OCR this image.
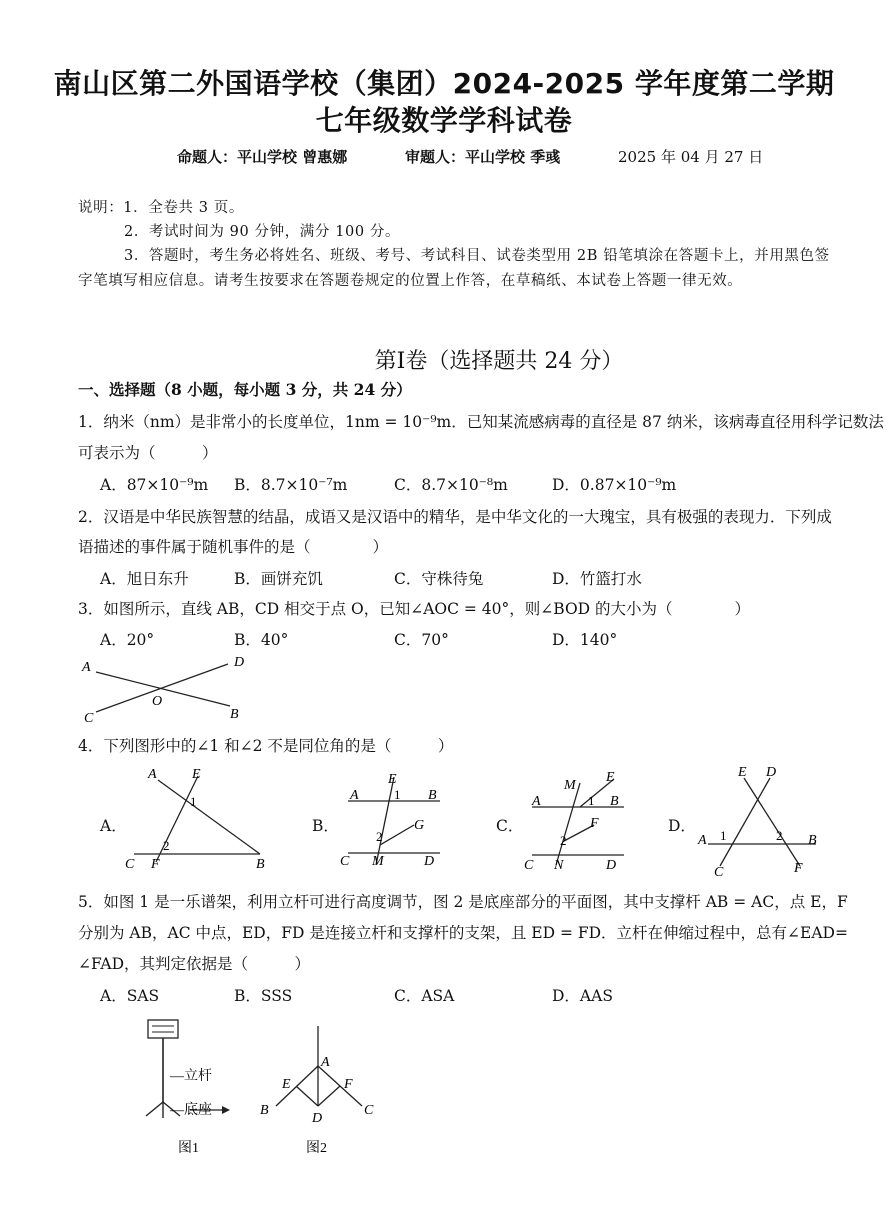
南山区第二外国语学校（集团）2024-2025 学年度第二学期
七年级数学学科试卷
命题人：平山学校 曾惠娜	审题人：平山学校 季彧	2025 年 04 月 27 日
说明：1．全卷共 3 页。
2．考试时间为 90 分钟，满分 100 分。
3．答题时，考生务必将姓名、班级、考号、考试科目、试卷类型用 2B 铅笔填涂在答题卡上，并用黑色签
字笔填写相应信息。请考生按要求在答题卷规定的位置上作答，在草稿纸、本试卷上答题一律无效。
第Ⅰ卷（选择题共 24 分）
一、选择题（8 小题，每小题 3 分，共 24 分）
1．纳米（nm）是非常小的长度单位，1nm = 10⁻⁹m．已知某流感病毒的直径是 87 纳米，该病毒直径用科学记数法
可表示为（　　　）
A．87×10⁻⁹m B．8.7×10⁻⁷m	C．8.7×10⁻⁸m	D．0.87×10⁻⁹m
2．汉语是中华民族智慧的结晶，成语又是汉语中的精华，是中华文化的一大瑰宝，具有极强的表现力．下列成
语描述的事件属于随机事件的是（　　　　）
A．旭日东升	B．画饼充饥	C．守株待兔	D．竹篮打水
3．如图所示，直线 AB，CD 相交于点 O，已知∠AOC = 40°，则∠BOD 的大小为（　　　　）
A．20°	B．40°	C．70°	D．140°
A	D
O
C	B
4．下列图形中的∠1 和∠2 不是同位角的是（　　　）
A．
A	E
1
2
C F	B
B．
E
A	1 B
G
2
C M	D
C．
M
E
A	1 B
F
2
C N	D
D．
E D
A 1	2 B
C	F
5．如图 1 是一乐谱架，利用立杆可进行高度调节，图 2 是底座部分的平面图，其中支撑杆 AB = AC，点 E，F
分别为 AB，AC 中点，ED，FD 是连接立杆和支撑杆的支架，且 ED = FD．立杆在伸缩过程中，总有∠EAD=
∠FAD，其判定依据是（　　　）
A．SAS	B．SSS	C．ASA	D．AAS
—立杆
—底座
图1
A
E	F
B
D
C
图2
